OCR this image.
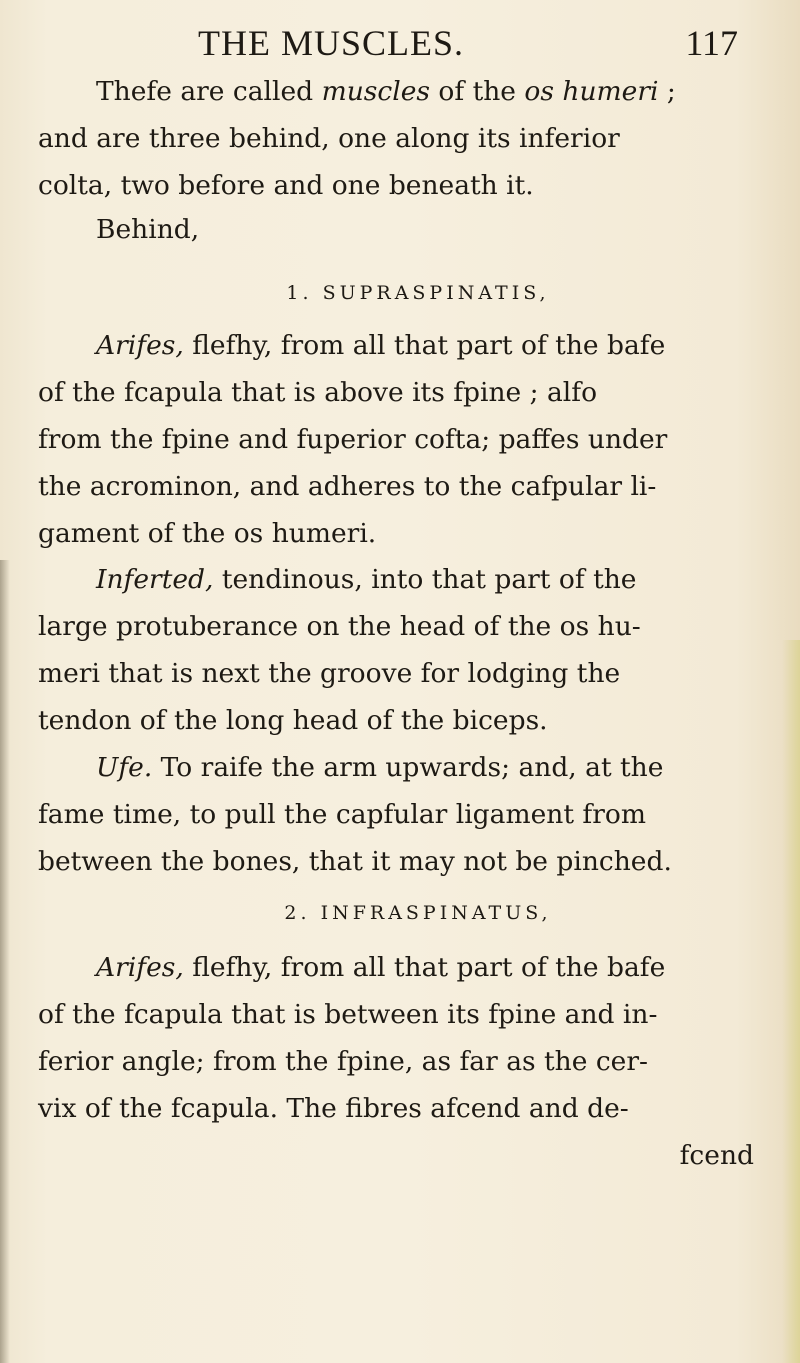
THE MUSCLES.	117
Thefe are called muscles of the os humeri ;
and are three behind, one along its inferior
colta, two before and one beneath it.
Behind,
1. SUPRASPINATIS,
Arifes, flefhy, from all that part of the bafe
of the fcapula that is above its fpine ; alfo
from the fpine and fuperior cofta; paffes under
the acrominon, and adheres to the cafpular li-
gament of the os humeri.
Inferted, tendinous, into that part of the
large protuberance on the head of the os hu-
meri that is next the groove for lodging the
tendon of the long head of the biceps.
Ufe. To raife the arm upwards; and, at the
fame time, to pull the capfular ligament from
between the bones, that it may not be pinched.
2. INFRASPINATUS,
Arifes, flefhy, from all that part of the bafe
of the fcapula that is between its fpine and in-
ferior angle; from the fpine, as far as the cer-
vix of the fcapula. The fibres afcend and de-
fcend
